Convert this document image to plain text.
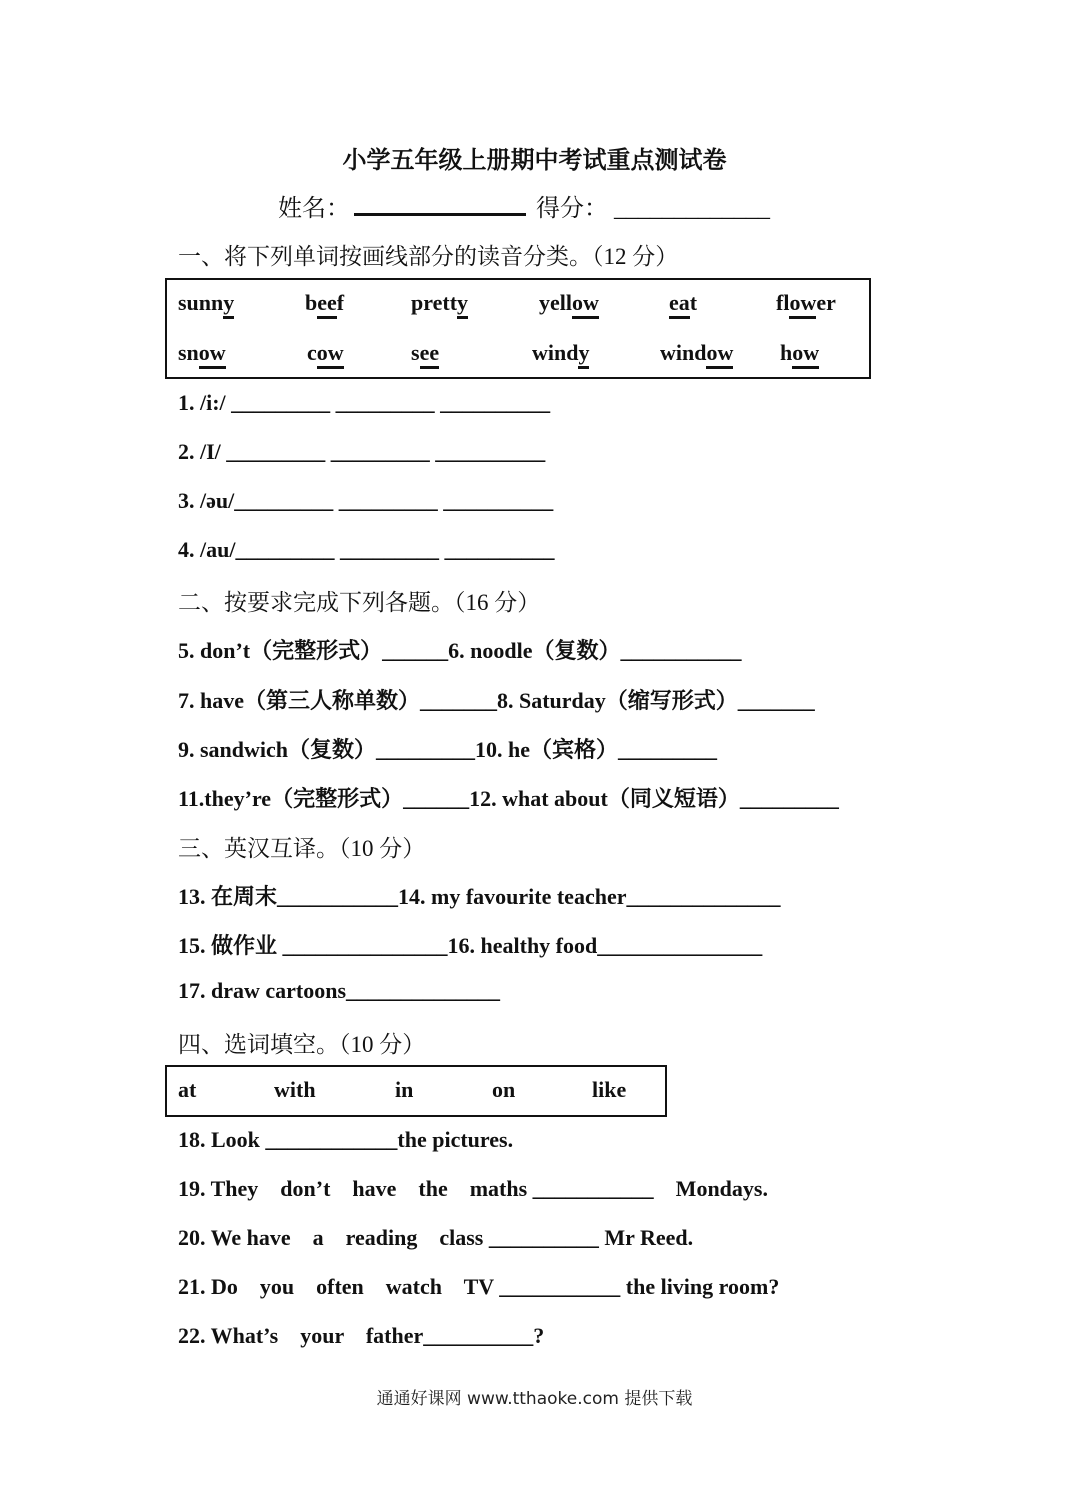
小学五年级上册期中考试重点测试卷
姓名：	得分： _____________
一、将下列单词按画线部分的读音分类。（12 分）
sunny	beef	pretty	yellow	eat	flower
snow	cow	see	windy	window how
1. /i:/ _________ _________ __________
2. /I/ _________ _________ __________
3. /əu/_________ _________ __________
4. /au/_________ _________ __________
二、按要求完成下列各题。（16 分）
5. don’t（完整形式）______6. noodle（复数）___________
7. have（第三人称单数）_______8. Saturday（缩写形式）_______
9. sandwich（复数）_________10. he（宾格）_________
11.they’re（完整形式）______12. what about（同义短语）_________
三、英汉互译。（10 分）
13. 在周末___________14. my favourite teacher______________
15. 做作业 _______________16. healthy food_______________
17. draw cartoons______________
四、选词填空。（10 分）
at	with	in	on	like
18. Look ____________the pictures.
19. They    don’t    have    the    maths ___________    Mondays.
20. We have    a    reading    class __________ Mr Reed.
21. Do    you    often    watch    TV ___________ the living room?
22. What’s    your    father__________?
通通好课网 www.tthaoke.com 提供下载
